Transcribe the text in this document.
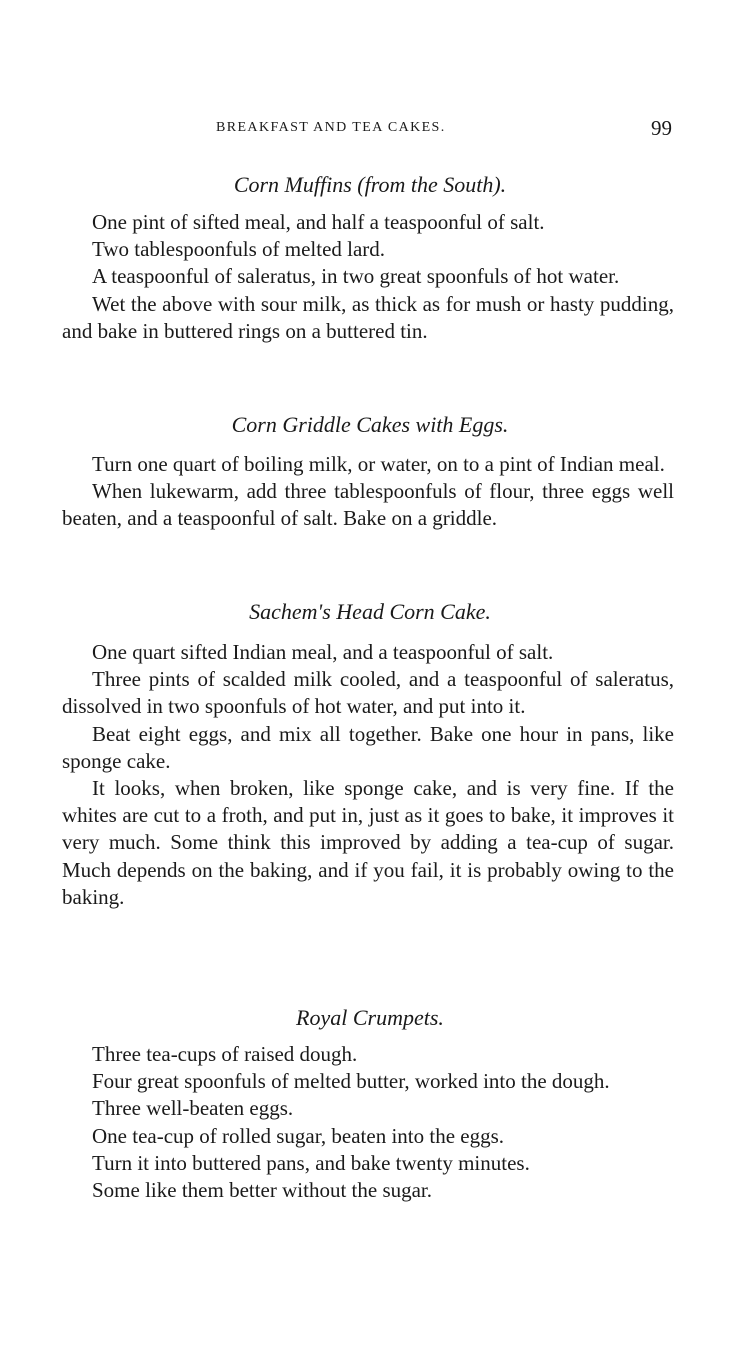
BREAKFAST AND TEA CAKES.	99
Corn Muffins (from the South).

One pint of sifted meal, and half a teaspoonful of salt.

Two tablespoonfuls of melted lard.

A teaspoonful of saleratus, in two great spoonfuls of hot water.

Wet the above with sour milk, as thick as for mush or hasty pudding, and bake in buttered rings on a buttered tin.

Corn Griddle Cakes with Eggs.

Turn one quart of boiling milk, or water, on to a pint of Indian meal.

When lukewarm, add three tablespoonfuls of flour, three eggs well beaten, and a teaspoonful of salt. Bake on a griddle.

Sachem's Head Corn Cake.

One quart sifted Indian meal, and a teaspoonful of salt.

Three pints of scalded milk cooled, and a teaspoonful of saleratus, dissolved in two spoonfuls of hot water, and put into it.

Beat eight eggs, and mix all together. Bake one hour in pans, like sponge cake.

It looks, when broken, like sponge cake, and is very fine. If the whites are cut to a froth, and put in, just as it goes to bake, it improves it very much. Some think this improved by adding a tea-cup of sugar. Much depends on the baking, and if you fail, it is probably owing to the baking.

Royal Crumpets.

Three tea-cups of raised dough.

Four great spoonfuls of melted butter, worked into the dough.

Three well-beaten eggs.

One tea-cup of rolled sugar, beaten into the eggs.

Turn it into buttered pans, and bake twenty minutes.

Some like them better without the sugar.
